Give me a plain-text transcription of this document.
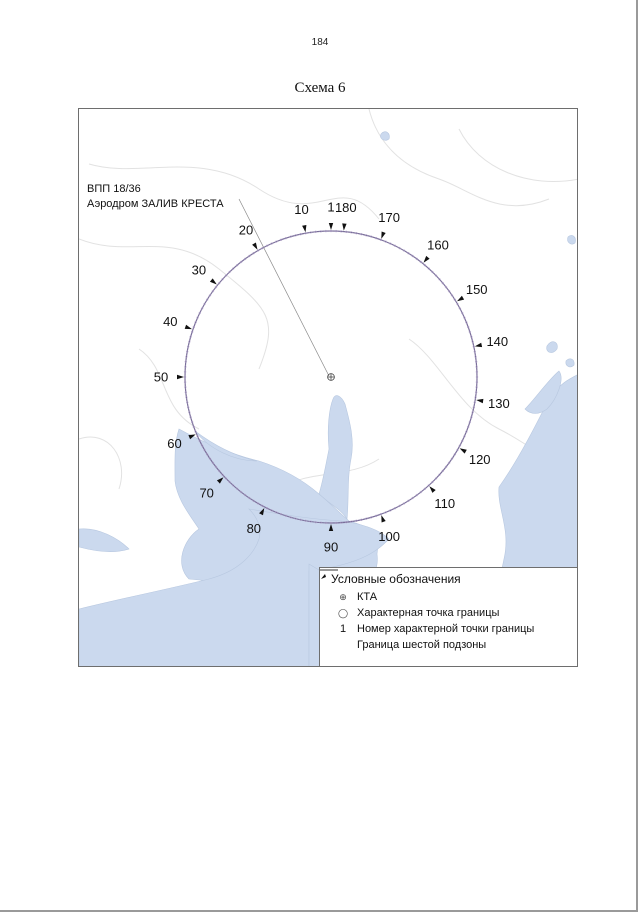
184
Схема 6
1
10
20
30
40
50
60
70
80
90
100
110
120
130
140
150
160
170
180
ВПП 18/36
Аэродром ЗАЛИВ КРЕСТА
Условные обозначения
⊕ КТА
◯ Характерная точка границы
1 Номер характерной точки границы
Граница шестой подзоны
